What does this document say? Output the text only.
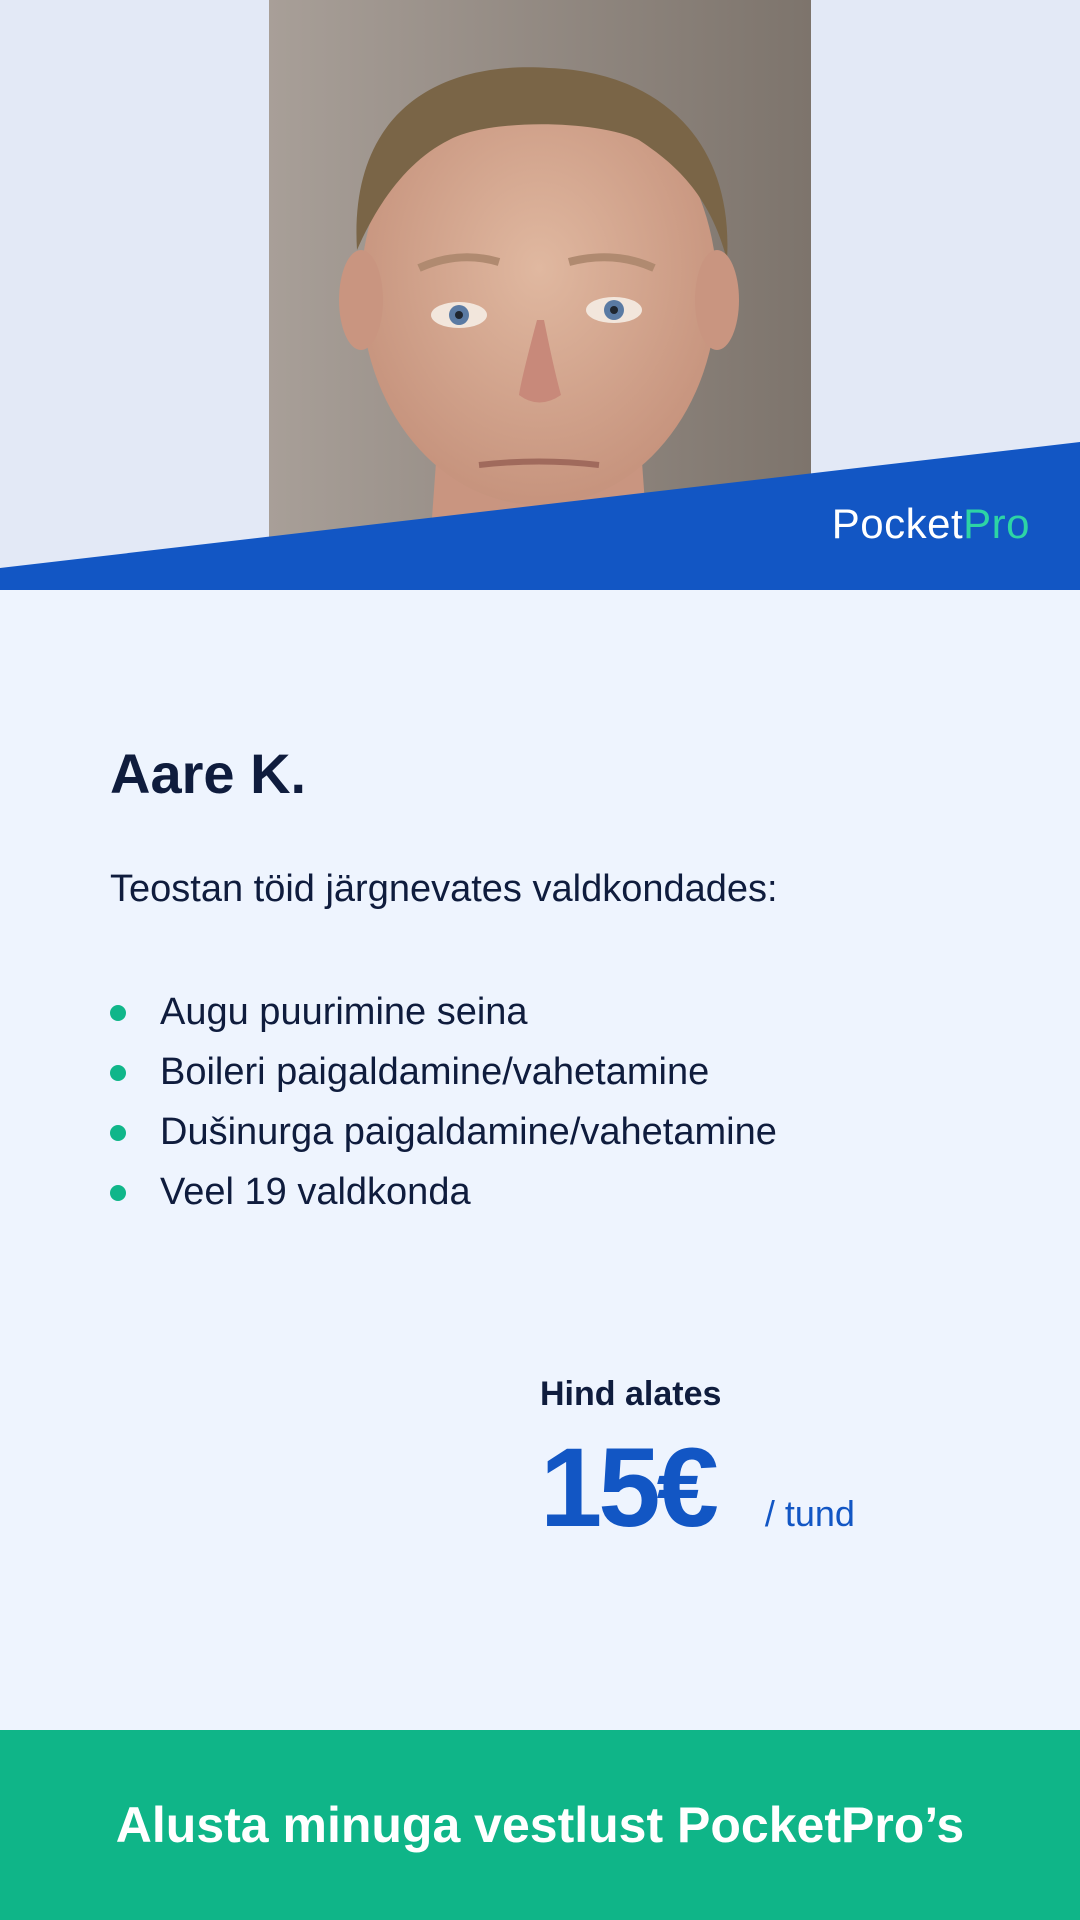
PocketPro
Aare K.

Teostan töid järgnevates valdkondades:

Augu puurimine seina
Boileri paigaldamine/vahetamine
Dušinurga paigaldamine/vahetamine
Veel 19 valdkonda
Hind alates
15€ / tund
Alusta minuga vestlust PocketPro’s
